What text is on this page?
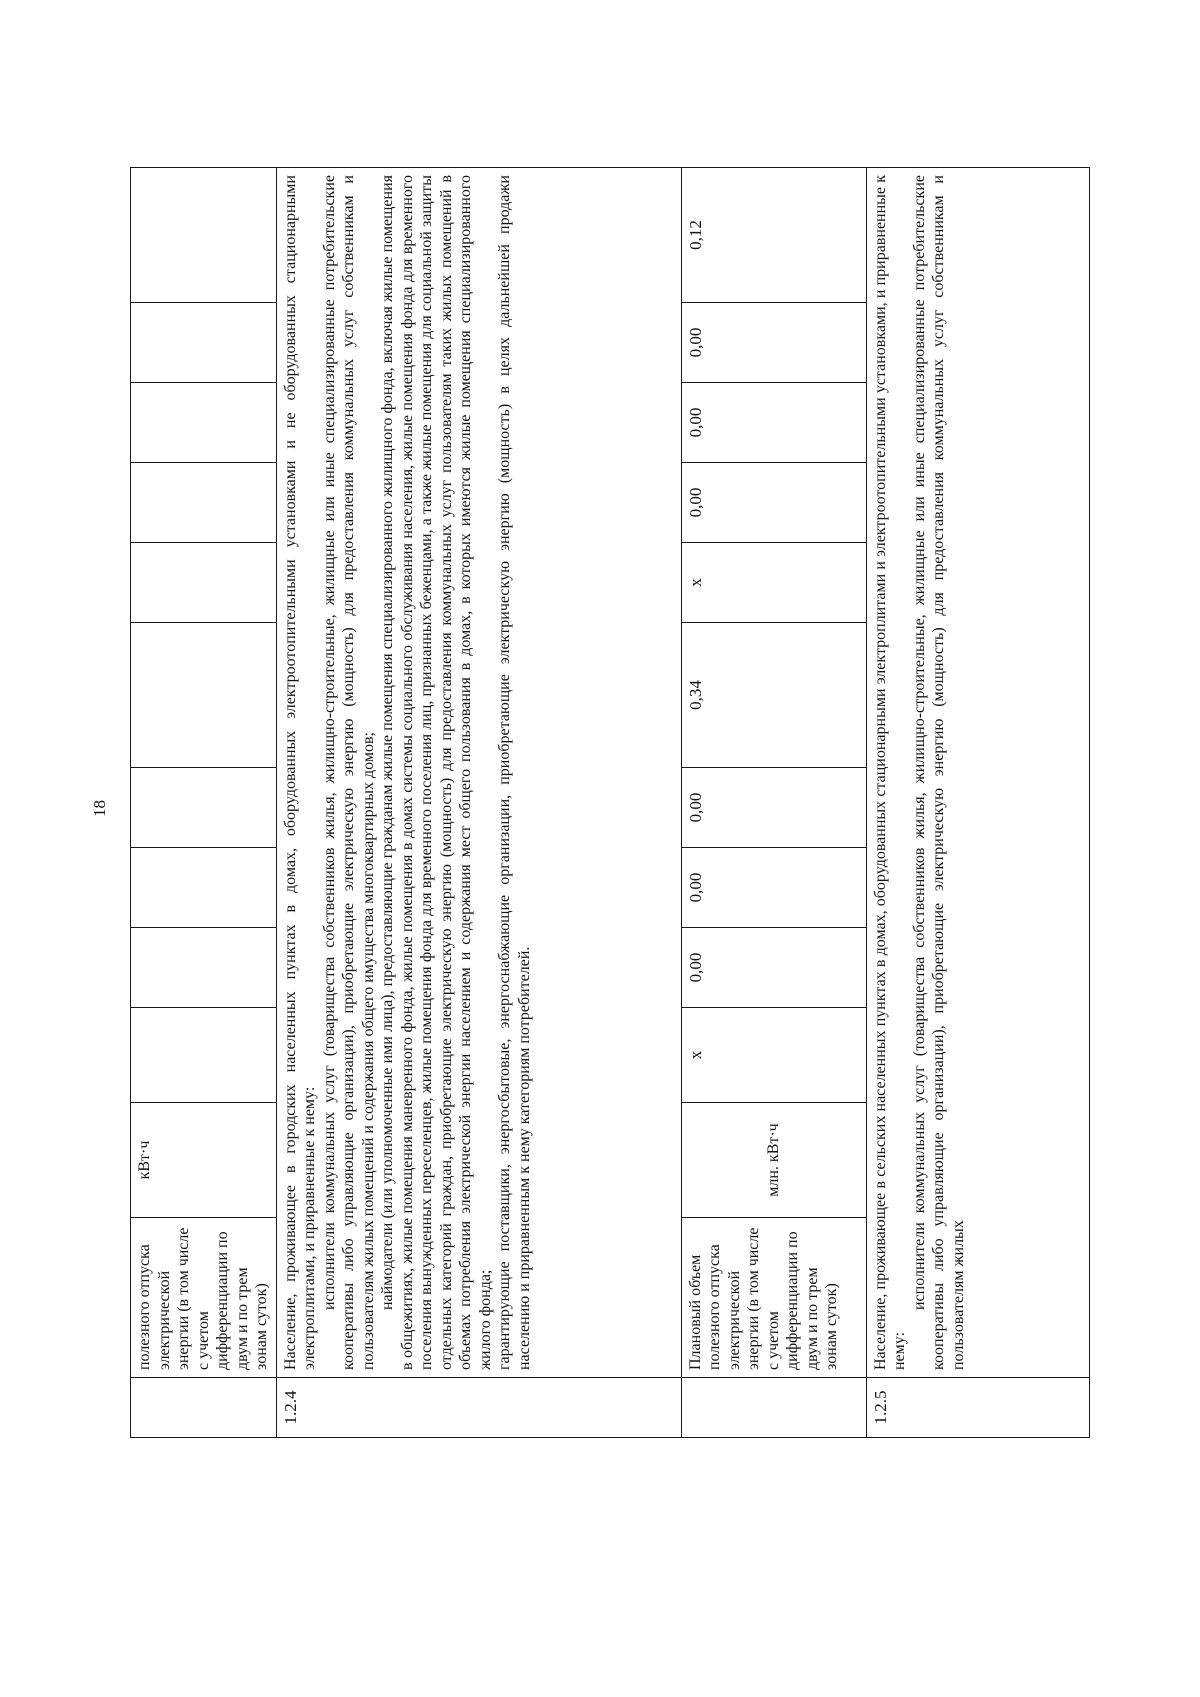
18
	полезного отпуска электрической энергии (в том числе с учетом дифференциации по двум и по трем зонам суток)	кВт·ч										
1.2.4	Население, проживающее в городских населенных пунктах в домах, оборудованных электроотопительными установками и не оборудованных стационарными электроплитами, и приравненные к нему: исполнители коммунальных услуг (товарищества собственников жилья, жилищно-строительные, жилищные или иные специализированные потребительские кооперативы либо управляющие организации), приобретающие электрическую энергию (мощность) для предоставления коммунальных услуг собственникам и пользователям жилых помещений и содержания общего имущества многоквартирных домов; наймодатели (или уполномоченные ими лица), предоставляющие гражданам жилые помещения специализированного жилищного фонда, включая жилые помещения в общежитиях, жилые помещения маневренного фонда, жилые помещения в домах системы социального обслуживания населения, жилые помещения фонда для временного поселения вынужденных переселенцев, жилые помещения фонда для временного поселения лиц, признанных беженцами, а также жилые помещения для социальной защиты отдельных категорий граждан, приобретающие электрическую энергию (мощность) для предоставления коммунальных услуг пользователям таких жилых помещений в объемах потребления электрической энергии населением и содержания мест общего пользования в домах, в которых имеются жилые помещения специализированного жилого фонда; гарантирующие поставщики, энергосбытовые, энергоснабжающие организации, приобретающие электрическую энергию (мощность) в целях дальнейшей продажи населению и приравненным к нему категориям потребителей.											

	Плановый объем полезного отпуска электрической энергии (в том числе с учетом дифференциации по двум и по трем зонам суток)	млн. кВт·ч	x	0,00	0,00	0,00	0,34	x	0,00	0,00	0,00	0,12
1.2.5	Население, проживающее в сельских населенных пунктах в домах, оборудованных стационарными электроплитами и электроотопительными установками, и приравненные к нему:

исполнители коммунальных услуг (товарищества собственников жилья, жилищно-строительные, жилищные или иные специализированные потребительские кооперативы либо управляющие организации), приобретающие электрическую энергию (мощность) для предоставления коммунальных услуг собственникам и пользователям жилых											
